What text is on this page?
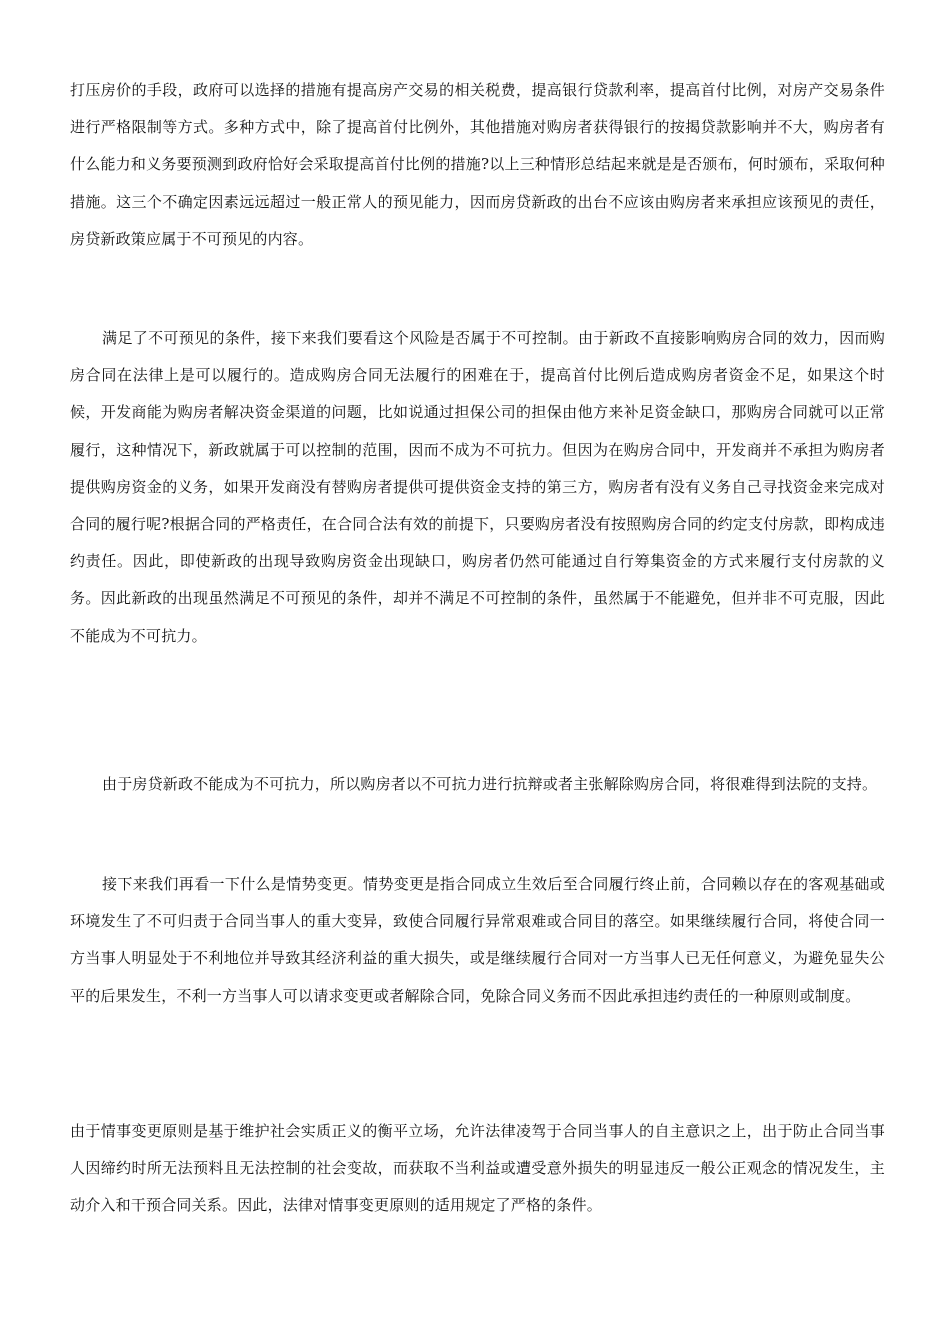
打压房价的手段，政府可以选择的措施有提高房产交易的相关税费，提高银行贷款利率，提高首付比例，对房产交易条件进行严格限制等方式。多种方式中，除了提高首付比例外，其他措施对购房者获得银行的按揭贷款影响并不大，购房者有什么能力和义务要预测到政府恰好会采取提高首付比例的措施?以上三种情形总结起来就是是否颁布，何时颁布，采取何种措施。这三个不确定因素远远超过一般正常人的预见能力，因而房贷新政的出台不应该由购房者来承担应该预见的责任，房贷新政策应属于不可预见的内容。

满足了不可预见的条件，接下来我们要看这个风险是否属于不可控制。由于新政不直接影响购房合同的效力，因而购房合同在法律上是可以履行的。造成购房合同无法履行的困难在于，提高首付比例后造成购房者资金不足，如果这个时候，开发商能为购房者解决资金渠道的问题，比如说通过担保公司的担保由他方来补足资金缺口，那购房合同就可以正常履行，这种情况下，新政就属于可以控制的范围，因而不成为不可抗力。但因为在购房合同中，开发商并不承担为购房者提供购房资金的义务，如果开发商没有替购房者提供可提供资金支持的第三方，购房者有没有义务自己寻找资金来完成对合同的履行呢?根据合同的严格责任，在合同合法有效的前提下，只要购房者没有按照购房合同的约定支付房款，即构成违约责任。因此，即使新政的出现导致购房资金出现缺口，购房者仍然可能通过自行筹集资金的方式来履行支付房款的义务。因此新政的出现虽然满足不可预见的条件，却并不满足不可控制的条件，虽然属于不能避免，但并非不可克服，因此不能成为不可抗力。

由于房贷新政不能成为不可抗力，所以购房者以不可抗力进行抗辩或者主张解除购房合同，将很难得到法院的支持。

接下来我们再看一下什么是情势变更。情势变更是指合同成立生效后至合同履行终止前，合同赖以存在的客观基础或环境发生了不可归责于合同当事人的重大变异，致使合同履行异常艰难或合同目的落空。如果继续履行合同，将使合同一方当事人明显处于不利地位并导致其经济利益的重大损失，或是继续履行合同对一方当事人已无任何意义，为避免显失公平的后果发生，不利一方当事人可以请求变更或者解除合同，免除合同义务而不因此承担违约责任的一种原则或制度。

由于情事变更原则是基于维护社会实质正义的衡平立场，允许法律凌驾于合同当事人的自主意识之上，出于防止合同当事人因缔约时所无法预料且无法控制的社会变故，而获取不当利益或遭受意外损失的明显违反一般公正观念的情况发生，主动介入和干预合同关系。因此，法律对情事变更原则的适用规定了严格的条件。
